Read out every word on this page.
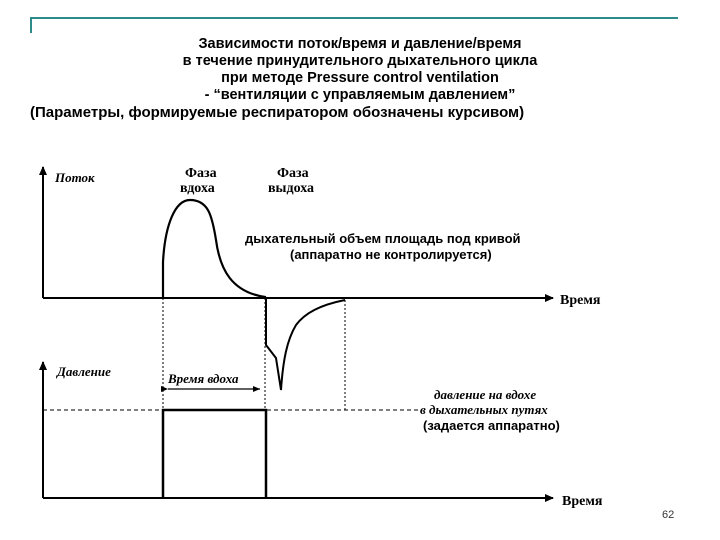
Зависимости поток/время и давление/время
в течение принудительного дыхательного цикла
при методе Pressure control ventilation
- “вентиляции с управляемым давлением”
(Параметры, формируемые респиратором обозначены курсивом)
Поток	Фаза
вдоха
Фаза
выдоха
дыхательный объем площадь под кривой
(аппаратно не контролируется)
Время
Давление	Время вдоха
давление на вдохе
в дыхательных путях
(задается аппаратно)
Время
62
